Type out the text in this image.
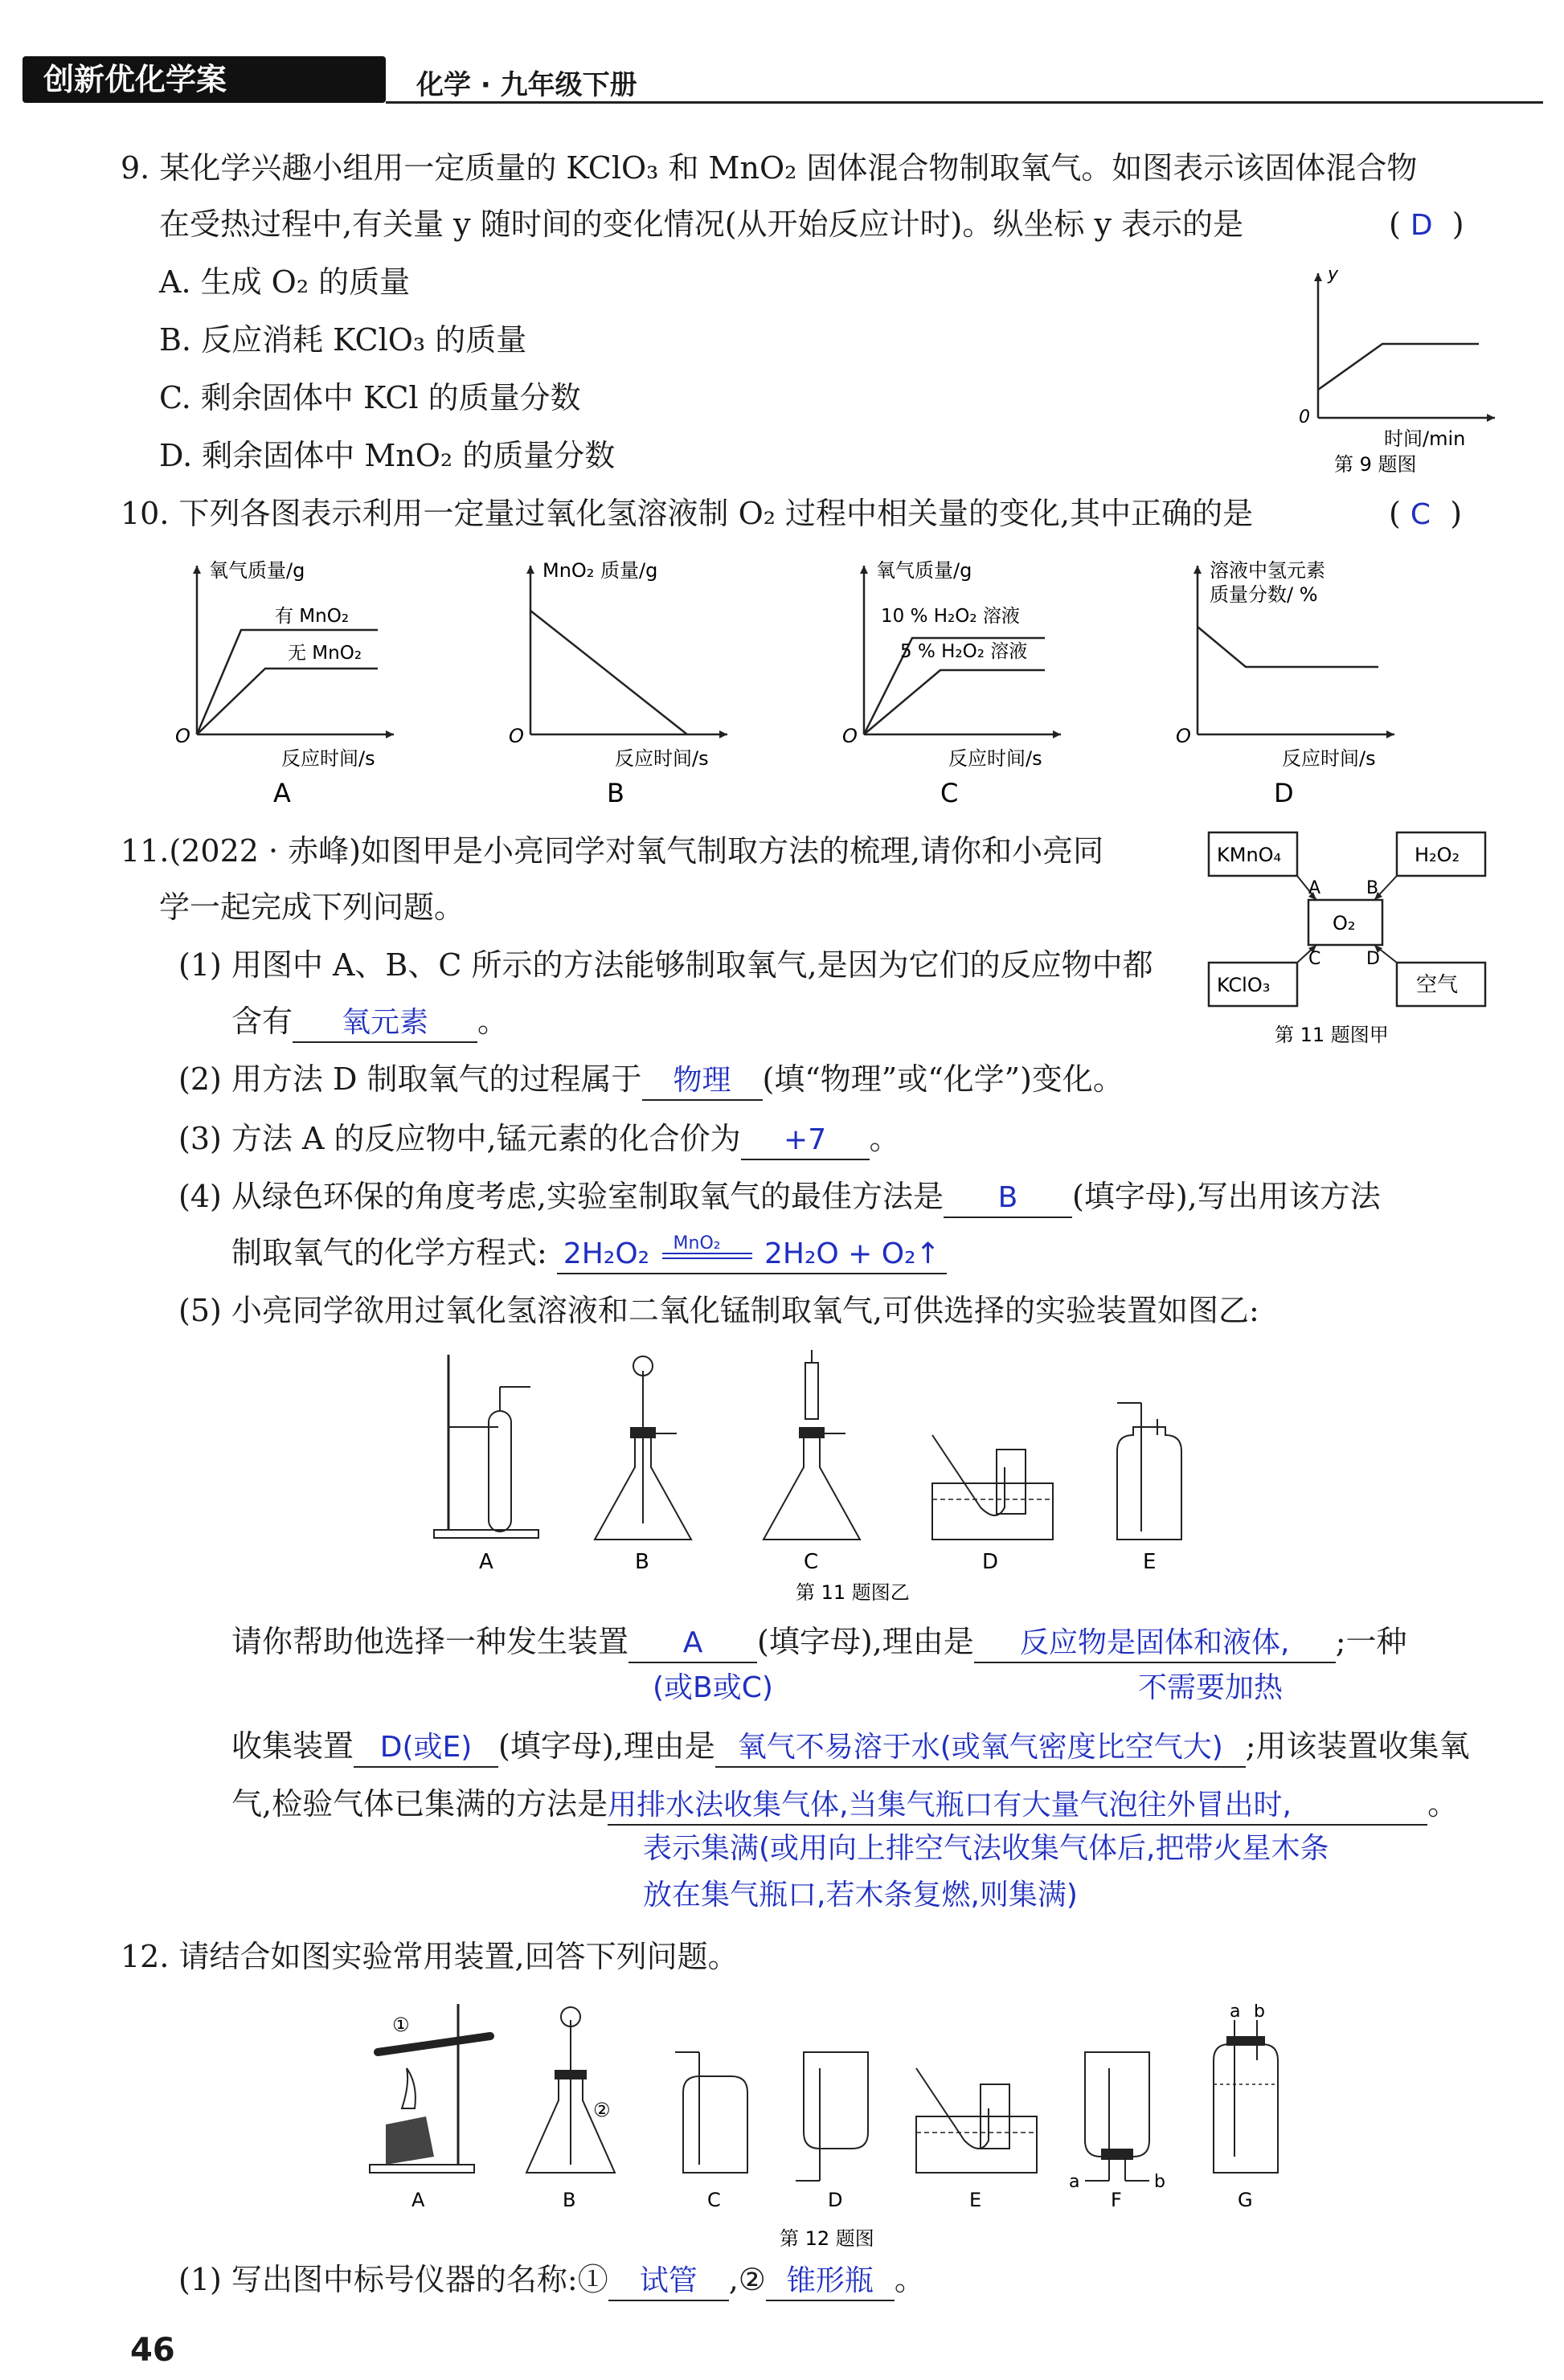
创新优化学案	化学 · 九年级下册
9. 某化学兴趣小组用一定质量的 KClO₃ 和 MnO₂ 固体混合物制取氧气。如图表示该固体混合物
在受热过程中,有关量 y 随时间的变化情况(从开始反应计时)。纵坐标 y 表示的是	( D  )
A. 生成 O₂ 的质量
B. 反应消耗 KClO₃ 的质量
C. 剩余固体中 KCl 的质量分数
D. 剩余固体中 MnO₂ 的质量分数
y
0
时间/min
第 9 题图
10. 下列各图表示利用一定量过氧化氢溶液制 O₂ 过程中相关量的变化,其中正确的是	( C  )
氧气质量/g
有 MnO₂
无 MnO₂
O
反应时间/s
A
MnO₂ 质量/g
O
反应时间/s
B
氧气质量/g
10 % H₂O₂ 溶液
5 % H₂O₂ 溶液
O
反应时间/s
C
溶液中氢元素
质量分数/ %
O
反应时间/s
D
11.(2022 · 赤峰)如图甲是小亮同学对氧气制取方法的梳理,请你和小亮同
学一起完成下列问题。
KMnO₄	H₂O₂
O₂
KClO₃	空气
A	B
C	D
第 11 题图甲
(1) 用图中 A、B、C 所示的方法能够制取氧气,是因为它们的反应物中都
含有 氧元素 。
(2) 用方法 D 制取氧气的过程属于 物理 (填“物理”或“化学”)变化。
(3) 方法 A 的反应物中,锰元素的化合价为 +7 。
(4) 从绿色环保的角度考虑,实验室制取氧气的最佳方法是 B (填字母),写出用该方法
制取氧气的化学方程式: 2H₂O₂ MnO₂ 2H₂O + O₂↑
(5) 小亮同学欲用过氧化氢溶液和二氧化锰制取氧气,可供选择的实验装置如图乙:
A	B	C	D	E
第 11 题图乙
请你帮助他选择一种发生装置 A (填字母),理由是 反应物是固体和液体, ;一种
(或B或C)	不需要加热
收集装置 D(或E) (填字母),理由是 氧气不易溶于水(或氧气密度比空气大) ;用该装置收集氧
气,检验气体已集满的方法是用排水法收集气体,当集气瓶口有大量气泡往外冒出时,	。
表示集满(或用向上排空气法收集气体后,把带火星木条
放在集气瓶口,若木条复燃,则集满)
12. 请结合如图实验常用装置,回答下列问题。
①
A
②
B	C	D	E
a	b
F
a b
G
第 12 题图
(1) 写出图中标号仪器的名称:① 试管 ,② 锥形瓶 。
46
